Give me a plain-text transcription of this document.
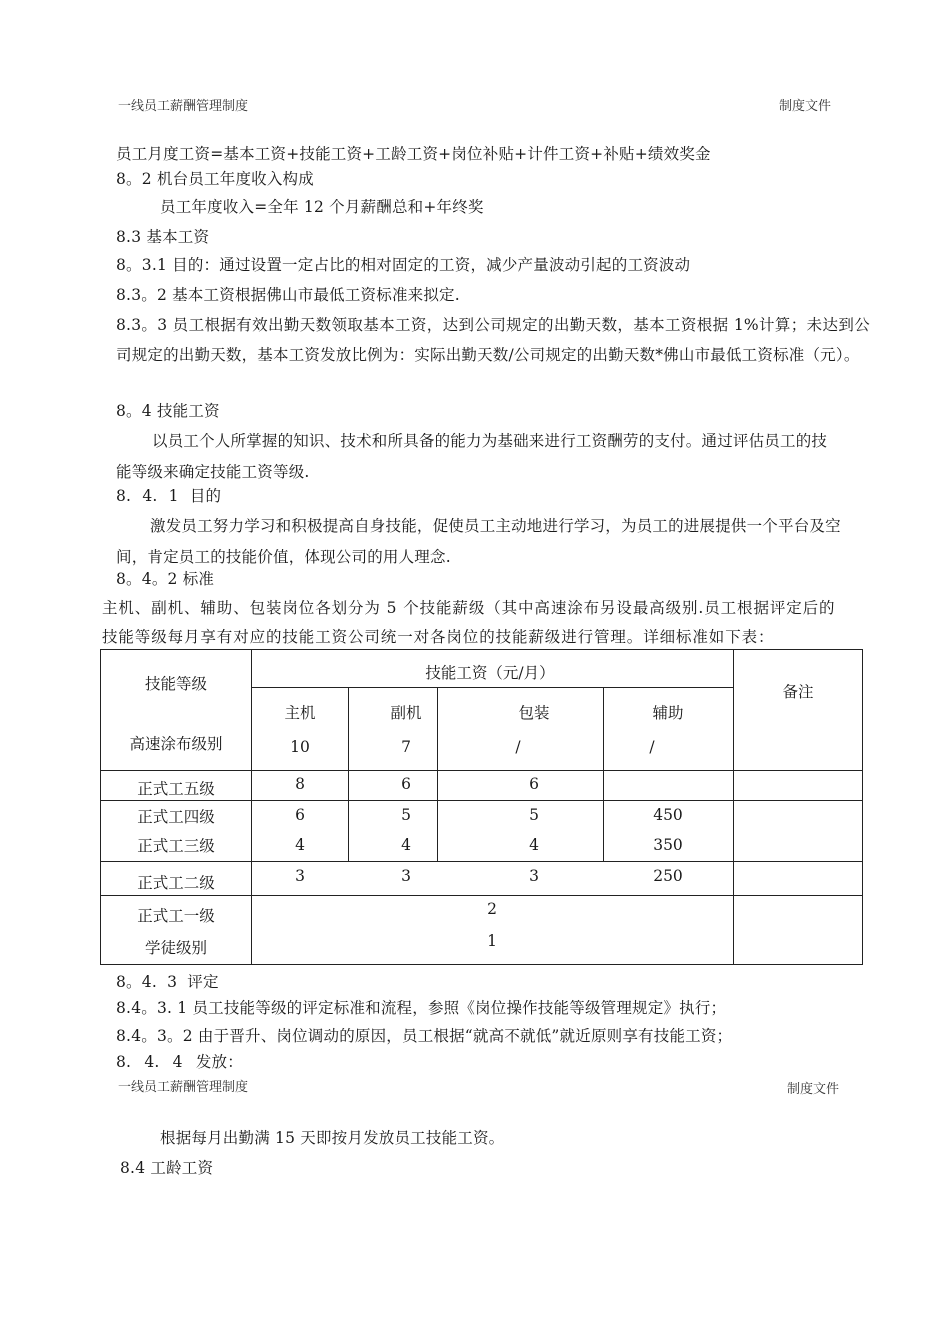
一线员工薪酬管理制度	制度文件
员工月度工资=基本工资+技能工资+工龄工资+岗位补贴+计件工资+补贴+绩效奖金
8。2 机台员工年度收入构成
员工年度收入=全年 12 个月薪酬总和+年终奖
8.3 基本工资
8。3.1 目的：通过设置一定占比的相对固定的工资，减少产量波动引起的工资波动
8.3。2 基本工资根据佛山市最低工资标准来拟定.
8.3。3 员工根据有效出勤天数领取基本工资，达到公司规定的出勤天数，基本工资根据 1%计算；未达到公司规定的出勤天数，基本工资发放比例为：实际出勤天数/公司规定的出勤天数*佛山市最低工资标准（元）。
8。4 技能工资
以员工个人所掌握的知识、技术和所具备的能力为基础来进行工资酬劳的支付。通过评估员工的技能等级来确定技能工资等级.
8. 4. 1 目的
激发员工努力学习和积极提高自身技能，促使员工主动地进行学习，为员工的进展提供一个平台及空间，肯定员工的技能价值，体现公司的用人理念.
8。4。2 标准
主机、副机、辅助、包装岗位各划分为 5 个技能薪级（其中高速涂布另设最高级别.员工根据评定后的
技能等级每月享有对应的技能工资公司统一对各岗位的技能薪级进行管理。详细标准如下表：
技能等级
技能工资（元/月）
备注
主机	副机	包装	辅助
高速涂布级别	10	7	/	/
正式工五级	8	6	6
正式工四级	6	5	5	450
正式工三级	4	4	4	350
正式工二级	3	3	3	250
正式工一级	2
学徒级别	1
8。4. 3 评定
8.4。3. 1 员工技能等级的评定标准和流程，参照《岗位操作技能等级管理规定》执行；
8.4。3。2 由于晋升、岗位调动的原因，员工根据“就高不就低”就近原则享有技能工资；
8. 4. 4 发放：
一线员工薪酬管理制度	制度文件
根据每月出勤满 15 天即按月发放员工技能工资。
8.4 工龄工资
